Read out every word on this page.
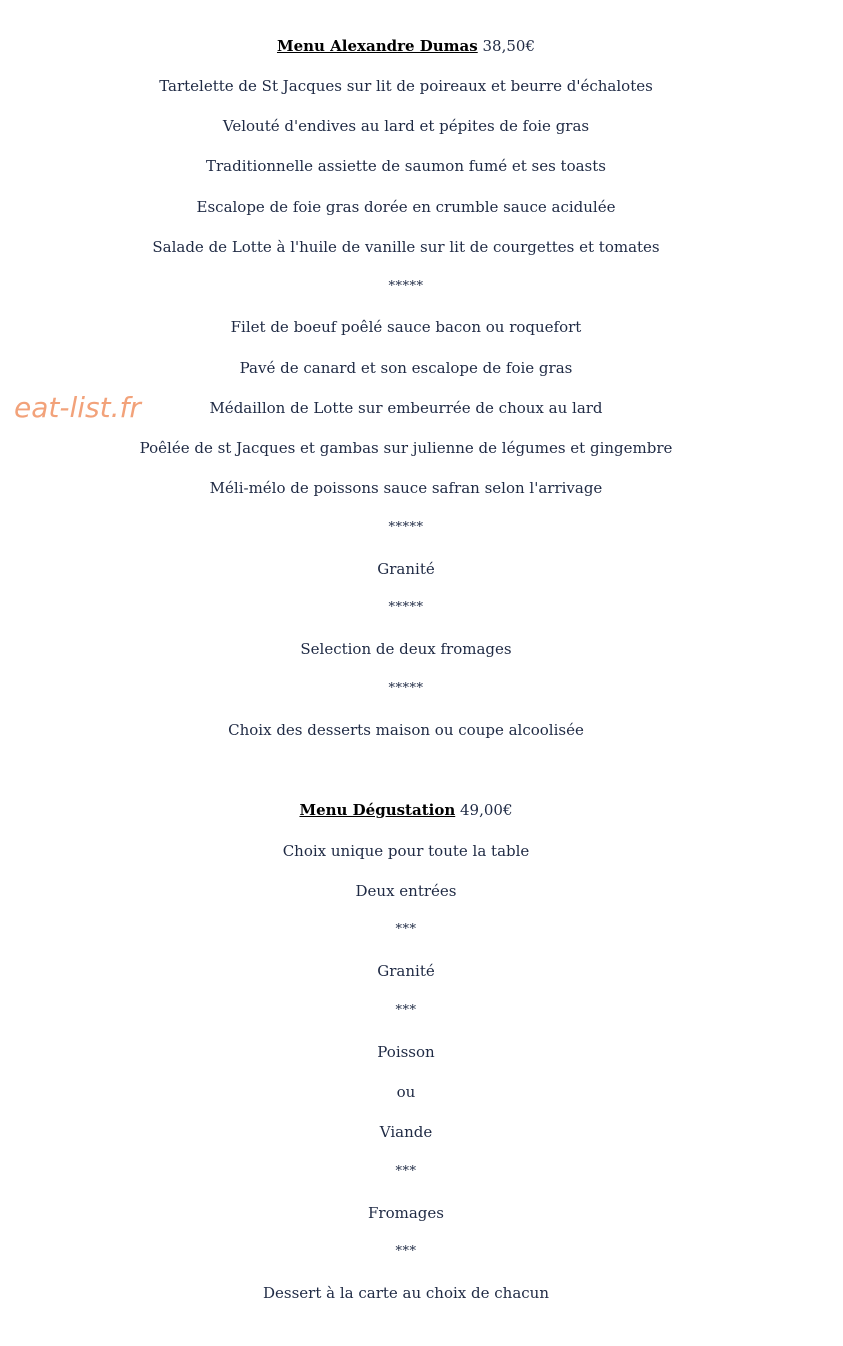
eat-list.fr
Menu Alexandre Dumas 38,50€
Tartelette de St Jacques sur lit de poireaux et beurre d'échalotes
Velouté d'endives au lard et pépites de foie gras
Traditionnelle assiette de saumon fumé et ses toasts
Escalope de foie gras dorée en crumble sauce acidulée
Salade de Lotte à l'huile de vanille sur lit de courgettes et tomates
*****
Filet de boeuf poêlé sauce bacon ou roquefort
Pavé de canard et son escalope de foie gras
Médaillon de Lotte sur embeurrée de choux au lard
Poêlée de st Jacques et gambas sur julienne de légumes et gingembre
Méli-mélo de poissons sauce safran selon l'arrivage
*****
Granité
*****
Selection de deux fromages
*****
Choix des desserts maison ou coupe alcoolisée
Menu Dégustation 49,00€
Choix unique pour toute la table
Deux entrées
***
Granité
***
Poisson
ou
Viande
***
Fromages
***
Dessert à la carte au choix de chacun
